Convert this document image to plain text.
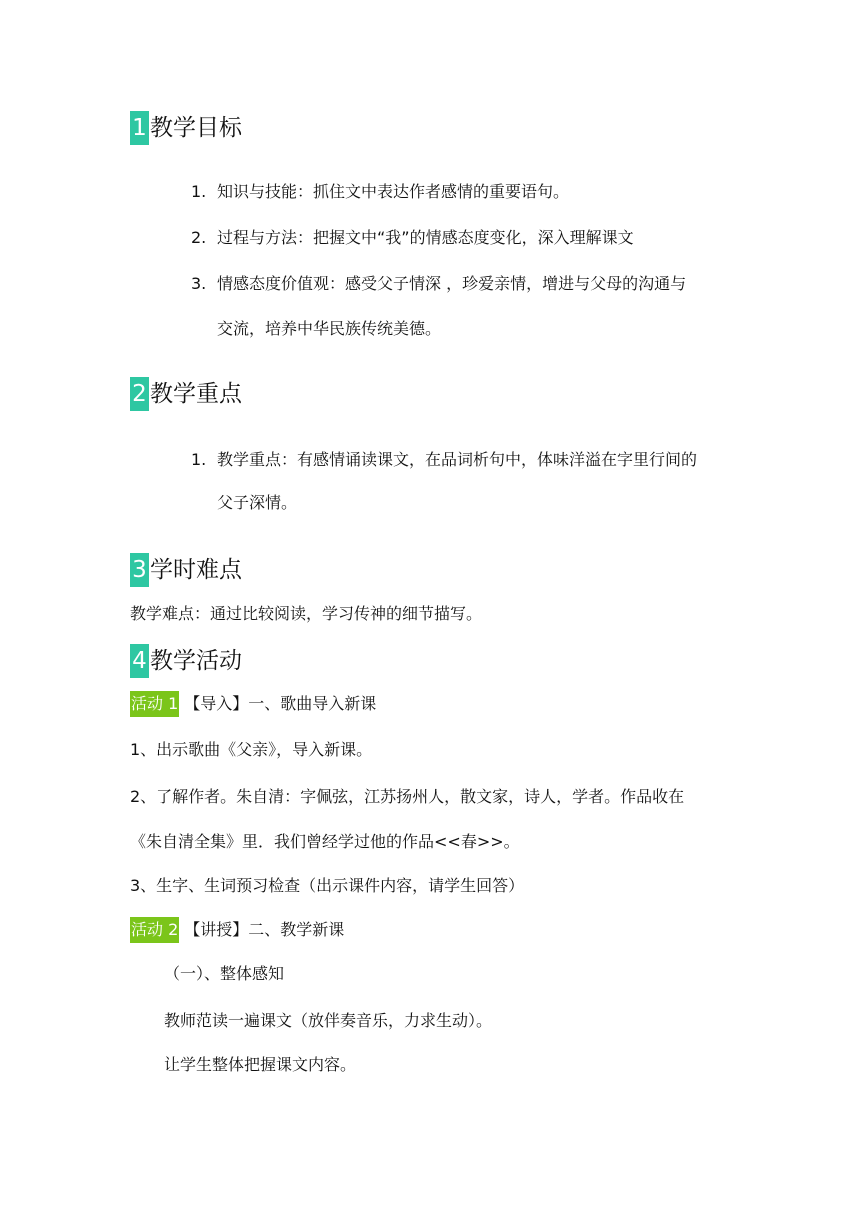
1 教学目标
1. 知识与技能：抓住文中表达作者感情的重要语句。
2. 过程与方法：把握文中“我”的情感态度变化，深入理解课文
3. 情感态度价值观：感受父子情深 ，珍爱亲情，增进与父母的沟通与
交流，培养中华民族传统美德。
2 教学重点
1. 教学重点：有感情诵读课文，在品词析句中，体味洋溢在字里行间的
父子深情。
3 学时难点
教学难点：通过比较阅读，学习传神的细节描写。
4 教学活动
活动 1 【导入】一、歌曲导入新课
1、出示歌曲《父亲》，导入新课。
2、了解作者。朱自清：字佩弦，江苏扬州人，散文家，诗人，学者。作品收在
《朱自清全集》里．我们曾经学过他的作品<<春>>。
3、生字、生词预习检查（出示课件内容，请学生回答）
活动 2 【讲授】二、教学新课
（一）、整体感知
教师范读一遍课文（放伴奏音乐，力求生动）。
让学生整体把握课文内容。
